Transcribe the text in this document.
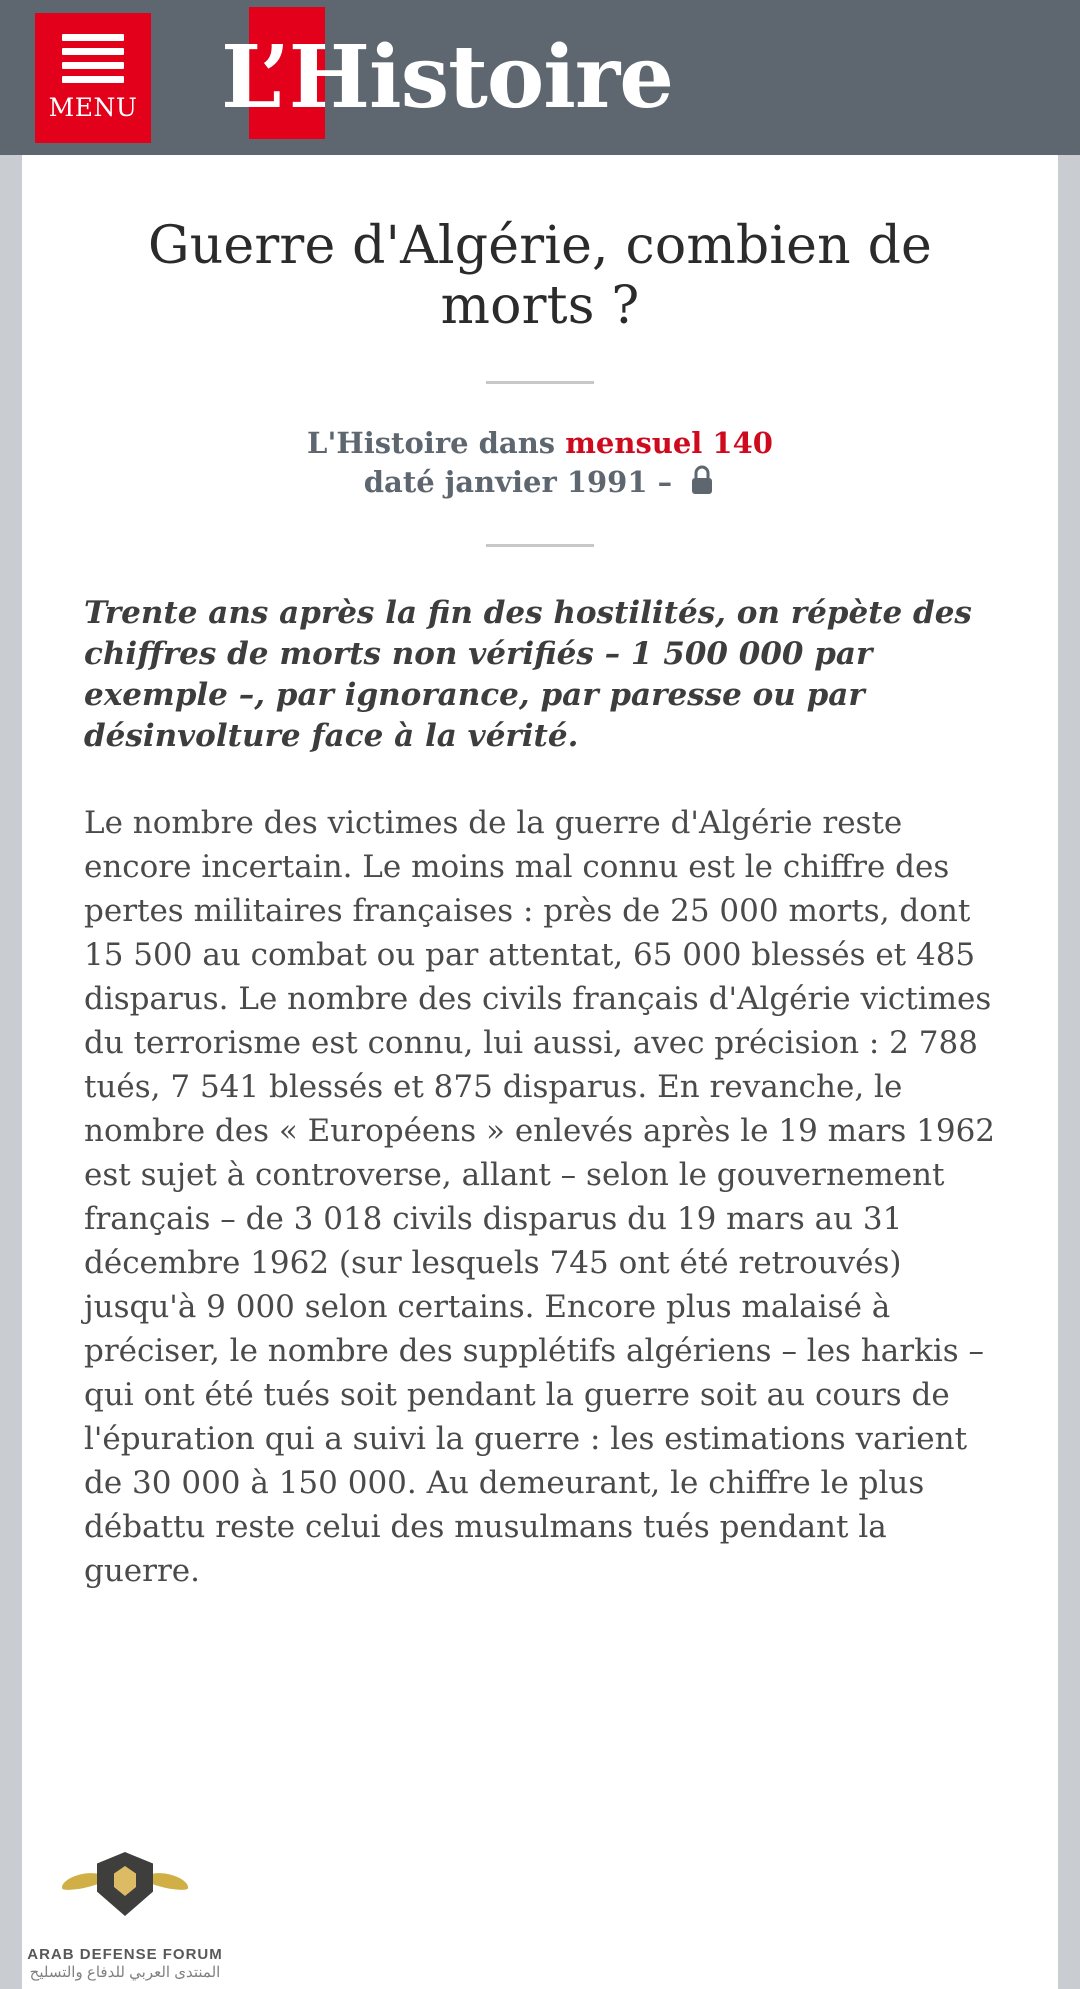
MENU L’Histoire
Guerre d'Algérie, combien de morts ?
L'Histoire dans mensuel 140
daté janvier 1991 –

Trente ans après la fin des hostilités, on répète des chiffres de morts non vérifiés – 1 500 000 par exemple –, par ignorance, par paresse ou par désinvolture face à la vérité.

Le nombre des victimes de la guerre d'Algérie reste encore incertain. Le moins mal connu est le chiffre des pertes militaires françaises : près de 25 000 morts, dont 15 500 au combat ou par attentat, 65 000 blessés et 485 disparus. Le nombre des civils français d'Algérie victimes du terrorisme est connu, lui aussi, avec précision : 2 788 tués, 7 541 blessés et 875 disparus. En revanche, le nombre des « Européens » enlevés après le 19 mars 1962 est sujet à controverse, allant – selon le gouvernement français – de 3 018 civils disparus du 19 mars au 31 décembre 1962 (sur lesquels 745 ont été retrouvés) jusqu'à 9 000 selon certains. Encore plus malaisé à préciser, le nombre des supplétifs algériens – les harkis – qui ont été tués soit pendant la guerre soit au cours de l'épuration qui a suivi la guerre : les estimations varient de 30 000 à 150 000. Au demeurant, le chiffre le plus débattu reste celui des musulmans tués pendant la guerre.

ARAB DEFENSE FORUM
المنتدى العربي للدفاع والتسليح
